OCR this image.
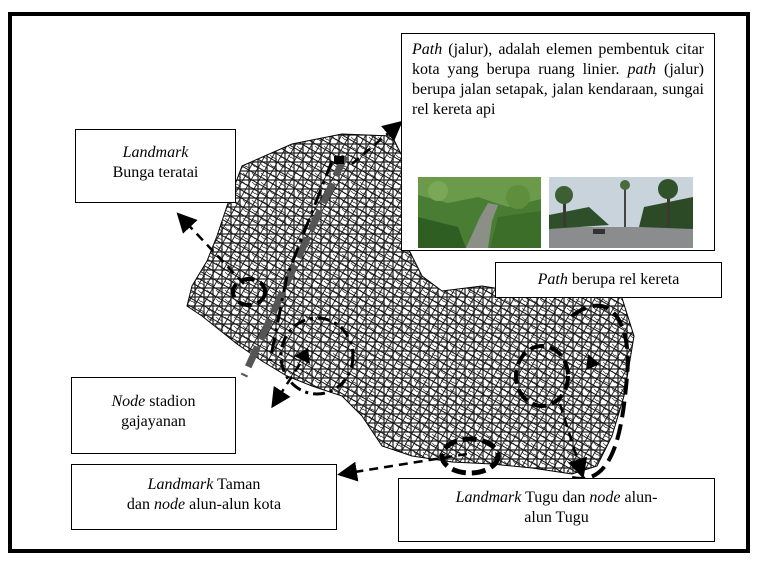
Landmark
Bunga teratai
Path (jalur), adalah elemen pembentuk citar kota yang berupa ruang linier. path (jalur) berupa jalan setapak, jalan kendaraan, sungai rel kereta api
Path berupa rel kereta
Node stadion
gajayanan
Landmark Taman
dan node alun-alun kota	Landmark Tugu dan node alun-
alun Tugu
